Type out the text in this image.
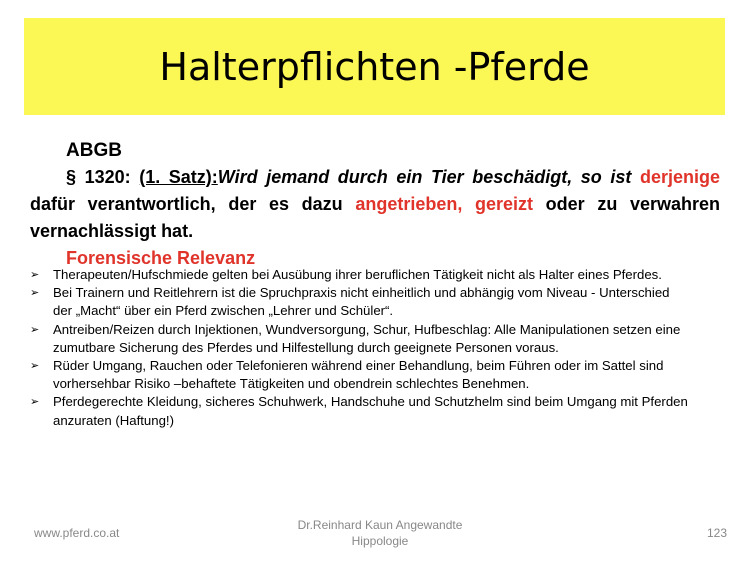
Halterpflichten -Pferde
ABGB

§ 1320: (1. Satz):Wird jemand durch ein Tier beschädigt, so ist derjenige dafür verantwortlich, der es dazu angetrieben, gereizt oder zu verwahren vernachlässigt hat.

Forensische Relevanz
➢ Therapeuten/Hufschmiede gelten bei Ausübung ihrer beruflichen Tätigkeit nicht als Halter eines Pferdes.
➢ Bei Trainern und Reitlehrern ist die Spruchpraxis nicht einheitlich und abhängig vom Niveau - Unterschied der „Macht“ über ein Pferd zwischen „Lehrer und Schüler“.
➢ Antreiben/Reizen durch Injektionen, Wundversorgung, Schur, Hufbeschlag: Alle Manipulationen setzen eine zumutbare Sicherung des Pferdes und Hilfestellung durch geeignete Personen voraus.
➢ Rüder Umgang, Rauchen oder Telefonieren während einer Behandlung, beim Führen oder im Sattel sind vorhersehbar Risiko –behaftete Tätigkeiten und obendrein schlechtes Benehmen.
➢ Pferdegerechte Kleidung, sicheres Schuhwerk, Handschuhe und Schutzhelm sind beim Umgang mit Pferden anzuraten (Haftung!)
www.pferd.co.at
Dr.Reinhard Kaun Angewandte
Hippologie
123
